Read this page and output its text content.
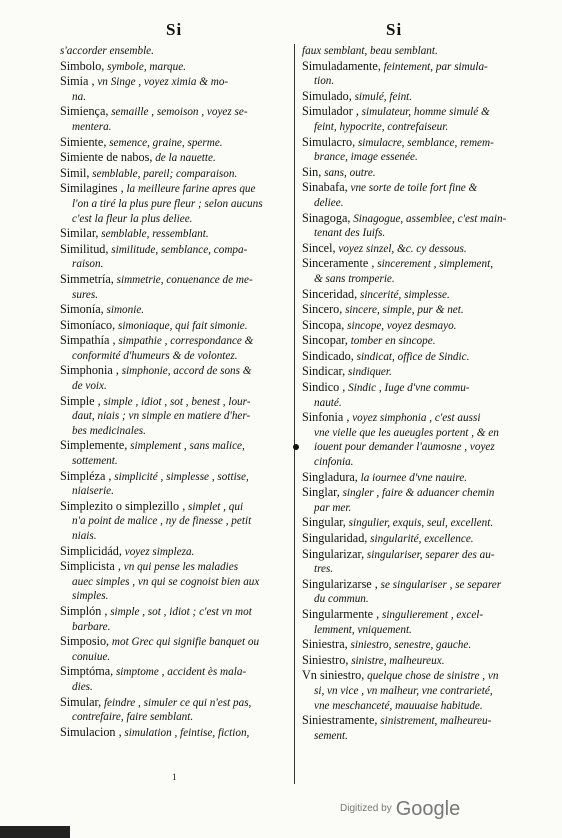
Si	Si
s'accorder ensemble.
Simbolo, symbole, marque.
Simia , vn Singe , voyez ximia & mo-
na.
Simiença, semaille , semoison , voyez se-
mentera.
Simiente, semence, graine, sperme.
Simiente de nabos, de la nauette.
Simil, semblable, pareil; comparaison.
Similagines , la meilleure farine apres que
l'on a tiré la plus pure fleur ; selon aucuns
c'est la fleur la plus deliee.
Similar, semblable, ressemblant.
Similitud, similitude, semblance, compa-
raison.
Simmetría, simmetrie, conuenance de me-
sures.
Simonía, simonie.
Simoníaco, simoniaque, qui fait simonie.
Simpathía , simpathie , correspondance &
conformité d'humeurs & de volontez.
Simphonia , simphonie, accord de sons &
de voix.
Simple , simple , idiot , sot , benest , lour-
daut, niais ; vn simple en matiere d'her-
bes medicinales.
Simplemente, simplement , sans malice,
sottement.
Simpléza , simplicité , simplesse , sottise,
niaiserie.
Simplezito o simplezillo , simplet , qui
n'a point de malice , ny de finesse , petit
niais.
Simplicidád, voyez simpleza.
Simplicista , vn qui pense les maladies
auec simples , vn qui se cognoist bien aux
simples.
Simplón , simple , sot , idiot ; c'est vn mot
barbare.
Simposio, mot Grec qui signifie banquet ou
conuiue.
Simptóma, simptome , accident ès mala-
dies.
Simular, feindre , simuler ce qui n'est pas,
contrefaire, faire semblant.
Simulacion , simulation , feintise, fiction,
faux semblant, beau semblant.
Simuladamente, feintement, par simula-
tion.
Simulado, simulé, feint.
Simulador , simulateur, homme simulé &
feint, hypocrite, contrefaiseur.
Simulacro, simulacre, semblance, remem-
brance, image essenée.
Sin, sans, outre.
Sinabafa, vne sorte de toile fort fine &
deliee.
Sinagoga, Sinagogue, assemblee, c'est main-
tenant des Iuifs.
Sincel, voyez sinzel, &c. cy dessous.
Sinceramente , sincerement , simplement,
& sans tromperie.
Sinceridad, sincerité, simplesse.
Sincero, sincere, simple, pur & net.
Sincopa, sincope, voyez desmayo.
Sincopar, tomber en sincope.
Sindicado, sindicat, office de Sindic.
Sindicar, sindiquer.
Sindico , Sindic , Iuge d'vne commu-
nauté.
Sinfonia , voyez simphonia , c'est aussi
vne vielle que les aueugles portent , & en
iouent pour demander l'aumosne , voyez
cinfonia.
Singladura, la iournee d'vne nauire.
Singlar, singler , faire & aduancer chemin
par mer.
Singular, singulier, exquis, seul, excellent.
Singularidad, singularité, excellence.
Singularizar, singulariser, separer des au-
tres.
Singularizarse , se singulariser , se separer
du commun.
Singularmente , singulierement , excel-
lemment, vniquement.
Siniestra, siniestro, senestre, gauche.
Siniestro, sinistre, malheureux.
Vn siniestro, quelque chose de sinistre , vn
si, vn vice , vn malheur, vne contrarieté,
vne meschanceté, mauuaise habitude.
Siniestramente, sinistrement, malheureu-
sement.
1
$^{Digitized by}$ Google
